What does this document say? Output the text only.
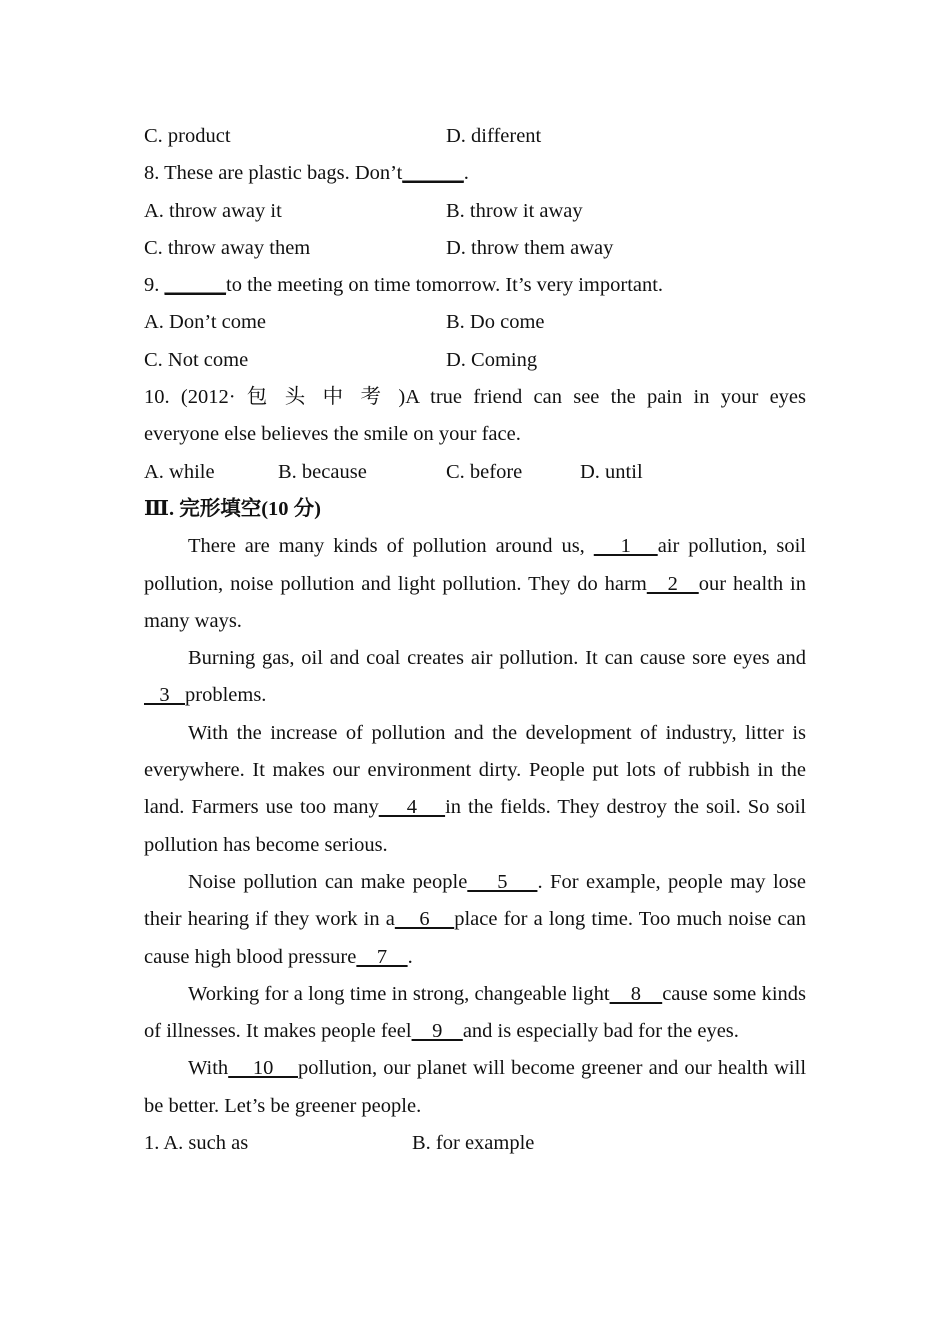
C. product	D. different
8. These are plastic bags. Don’t______.
A. throw away it	B. throw it away
C. throw away them	D. throw them away
9. ______to the meeting on time tomorrow. It’s very important.
A. Don’t come	B. Do come
C. Not come	D. Coming
10. (2012· 包 头 中 考 )A true friend can see the pain in your eyes
everyone else believes the smile on your face.
A. while	B. because	C. before	D. until
Ⅲ. 完形填空(10 分)
There are many kinds of pollution around us,    1   air pollution, soil pollution, noise pollution and light pollution. They do harm   2   our health in many ways.
Burning gas, oil and coal creates air pollution. It can cause sore eyes and   3   problems.
With the increase of pollution and the development of industry, litter is everywhere. It makes our environment dirty. People put lots of rubbish in the land. Farmers use too many    4    in the fields. They destroy the soil. So soil pollution has become serious.
Noise pollution can make people    5    . For example, people may lose their hearing if they work in a    6    place for a long time. Too much noise can cause high blood pressure    7    .
Working for a long time in strong, changeable light    8    cause some kinds of illnesses. It makes people feel    9    and is especially bad for the eyes.
With    10    pollution, our planet will become greener and our health will be better. Let’s be greener people.
1. A. such as	B. for example
